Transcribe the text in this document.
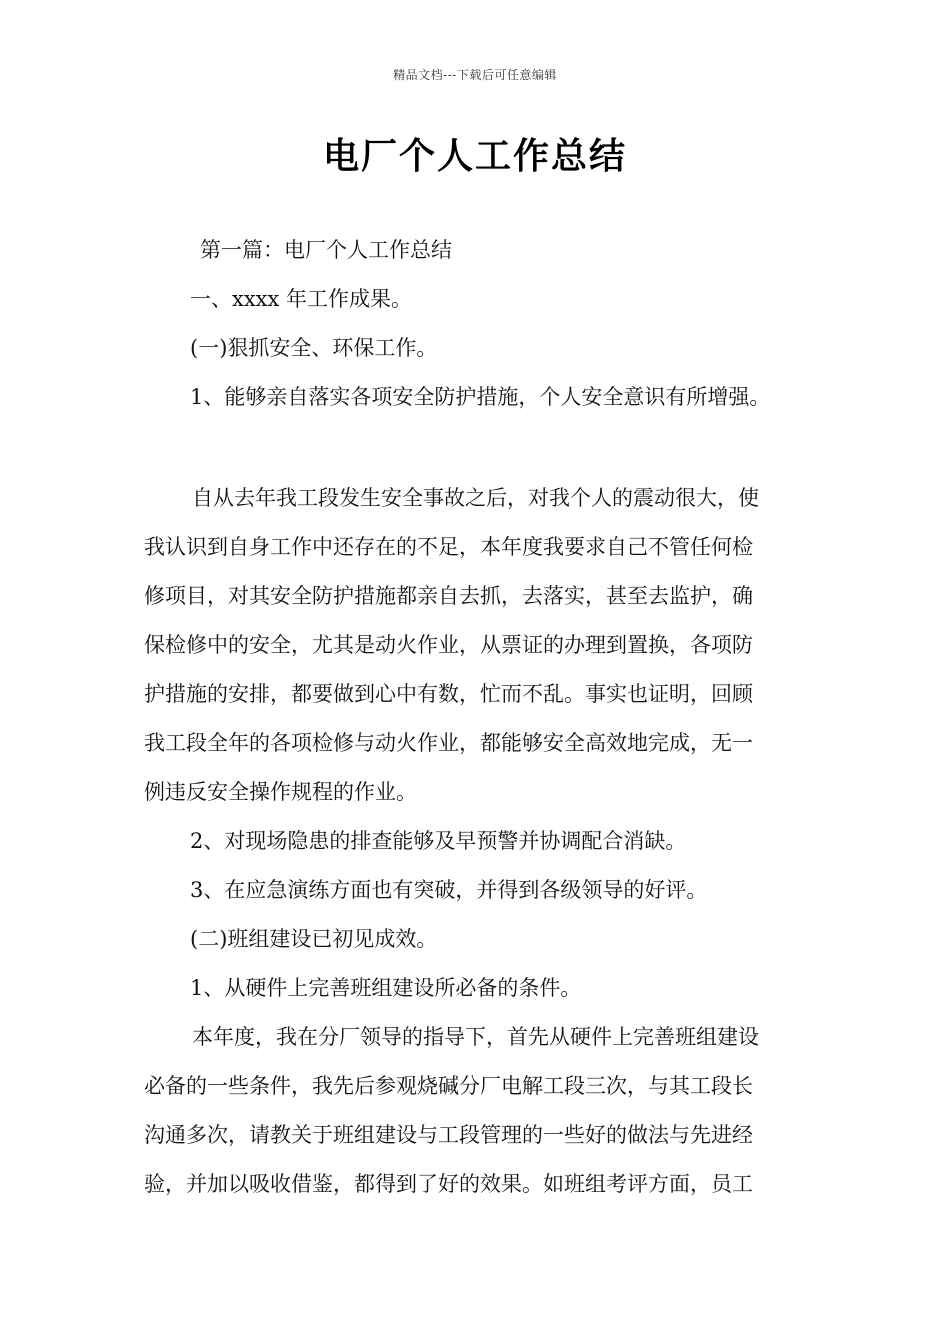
精品文档---下载后可任意编辑
电厂个人工作总结
第一篇：电厂个人工作总结
一、xxxx 年工作成果。
(一)狠抓安全、环保工作。
1、能够亲自落实各项安全防护措施，个人安全意识有所增强。
自从去年我工段发生安全事故之后，对我个人的震动很大，使
我认识到自身工作中还存在的不足，本年度我要求自己不管任何检
修项目，对其安全防护措施都亲自去抓，去落实，甚至去监护，确
保检修中的安全，尤其是动火作业，从票证的办理到置换，各项防
护措施的安排，都要做到心中有数，忙而不乱。事实也证明，回顾
我工段全年的各项检修与动火作业，都能够安全高效地完成，无一
例违反安全操作规程的作业。
2、对现场隐患的排查能够及早预警并协调配合消缺。
3、在应急演练方面也有突破，并得到各级领导的好评。
(二)班组建设已初见成效。
1、从硬件上完善班组建设所必备的条件。
本年度，我在分厂领导的指导下，首先从硬件上完善班组建设
必备的一些条件，我先后参观烧碱分厂电解工段三次，与其工段长
沟通多次，请教关于班组建设与工段管理的一些好的做法与先进经
验，并加以吸收借鉴，都得到了好的效果。如班组考评方面，员工
